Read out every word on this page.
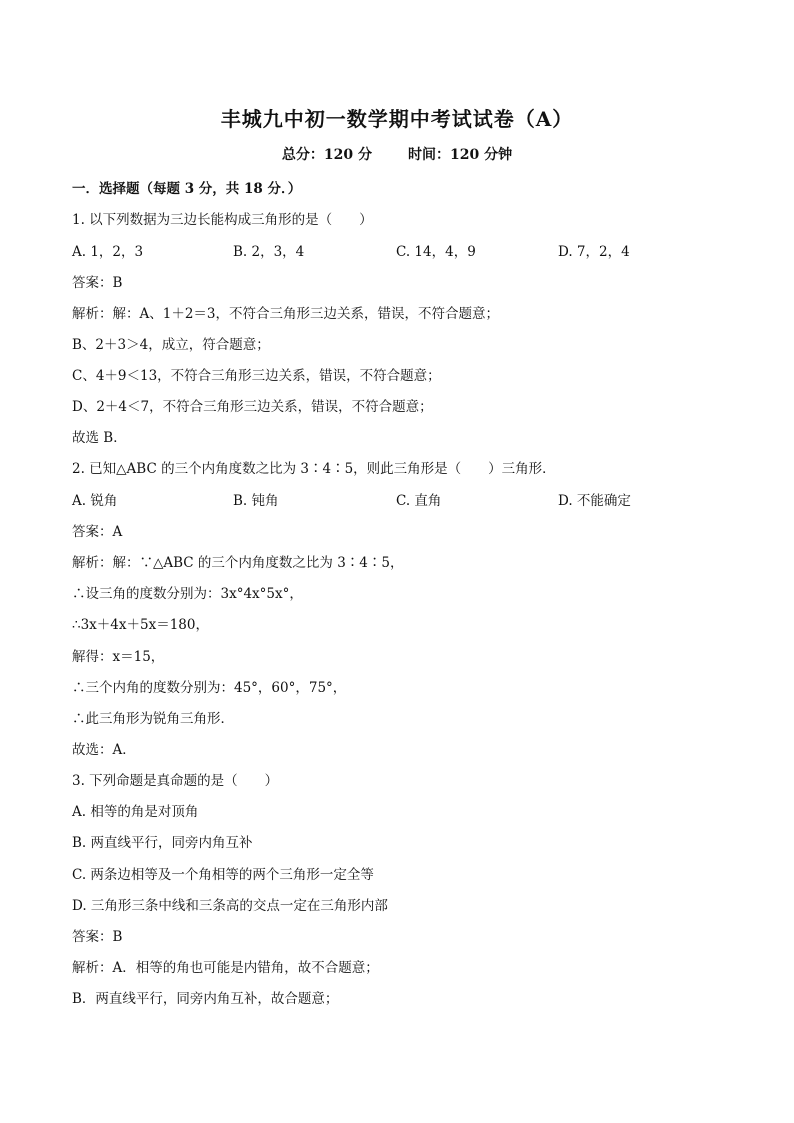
丰城九中初一数学期中考试试卷（A）
总分：120 分	时间：120 分钟
一．选择题（每题 3 分，共 18 分．）
1. 以下列数据为三边长能构成三角形的是（　　）
A. 1，2，3	B. 2，3，4	C. 14，4，9	D. 7，2，4
答案：B
解析：解：A、1＋2＝3，不符合三角形三边关系，错误，不符合题意；
B、2＋3＞4，成立，符合题意；
C、4＋9＜13，不符合三角形三边关系，错误，不符合题意；
D、2＋4＜7，不符合三角形三边关系，错误，不符合题意；
故选 B．
2. 已知△ABC 的三个内角度数之比为 3∶4∶5，则此三角形是（　　）三角形．
A. 锐角	B. 钝角	C. 直角	D. 不能确定
答案：A
解析：解：∵△ABC 的三个内角度数之比为 3∶4∶5，
∴设三角的度数分别为：3x°4x°5x°，
∴3x＋4x＋5x＝180，
解得：x＝15，
∴三个内角的度数分别为：45°，60°，75°，
∴此三角形为锐角三角形．
故选：A．
3. 下列命题是真命题的是（　　）
A. 相等的角是对顶角
B. 两直线平行，同旁内角互补
C. 两条边相等及一个角相等的两个三角形一定全等
D. 三角形三条中线和三条高的交点一定在三角形内部
答案：B
解析：A．相等的角也可能是内错角，故不合题意；
B．两直线平行，同旁内角互补，故合题意；
